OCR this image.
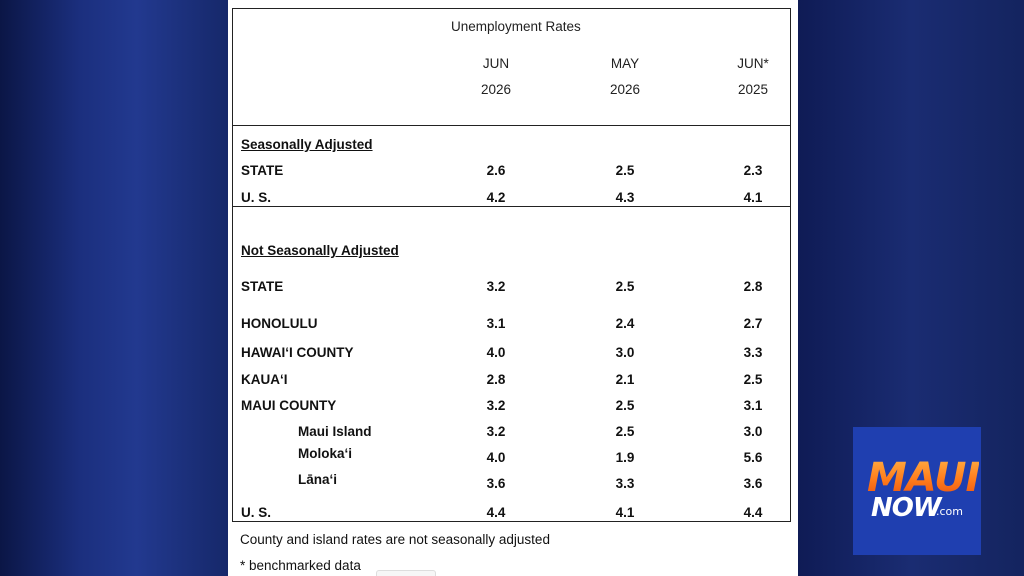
Unemployment Rates
JUN	MAY	JUN*
2026	2026	2025
Seasonally Adjusted
STATE	2.6	2.5	2.3
U. S.	4.2	4.3	4.1
Not Seasonally Adjusted
STATE	3.2	2.5	2.8
HONOLULU	3.1	2.4	2.7
HAWAIʻI COUNTY	4.0	3.0	3.3
KAUAʻI	2.8	2.1	2.5
MAUI COUNTY	3.2	2.5	3.1
Maui Island	3.2	2.5	3.0
Molokaʻi	4.0	1.9	5.6
Lānaʻi	3.6	3.3	3.6
U. S.	4.4	4.1	4.4
County and island rates are not seasonally adjusted
* benchmarked data
MAUI
NOW
.com
